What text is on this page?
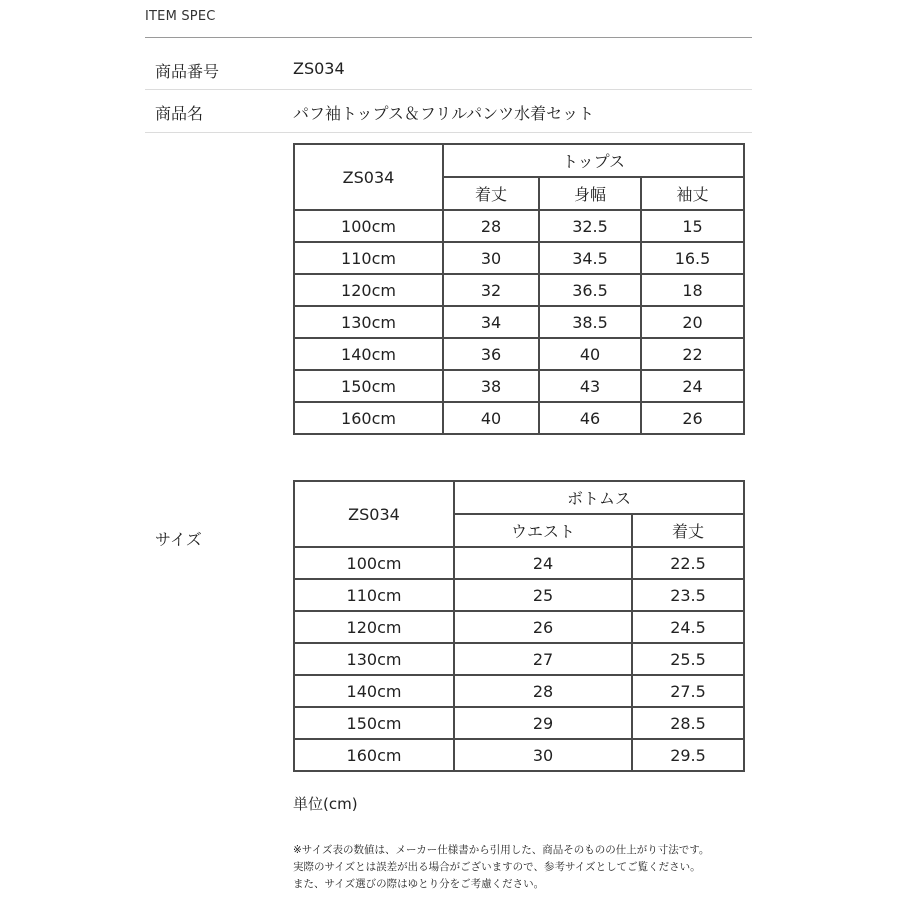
ITEM SPEC
商品番号	ZS034
商品名	パフ袖トップス＆フリルパンツ水着セット
サイズ
ZS034	トップス		
	着丈	身幅	袖丈
100cm	28	32.5	15
110cm	30	34.5	16.5
120cm	32	36.5	18
130cm	34	38.5	20
140cm	36	40	22
150cm	38	43	24
160cm	40	46	26
ZS034	ボトムス	
	ウエスト	着丈
100cm	24	22.5
110cm	25	23.5
120cm	26	24.5
130cm	27	25.5
140cm	28	27.5
150cm	29	28.5
160cm	30	29.5
単位(cm)
※サイズ表の数値は、メーカー仕様書から引用した、商品そのものの仕上がり寸法です。
実際のサイズとは誤差が出る場合がございますので、参考サイズとしてご覧ください。
また、サイズ選びの際はゆとり分をご考慮ください。
